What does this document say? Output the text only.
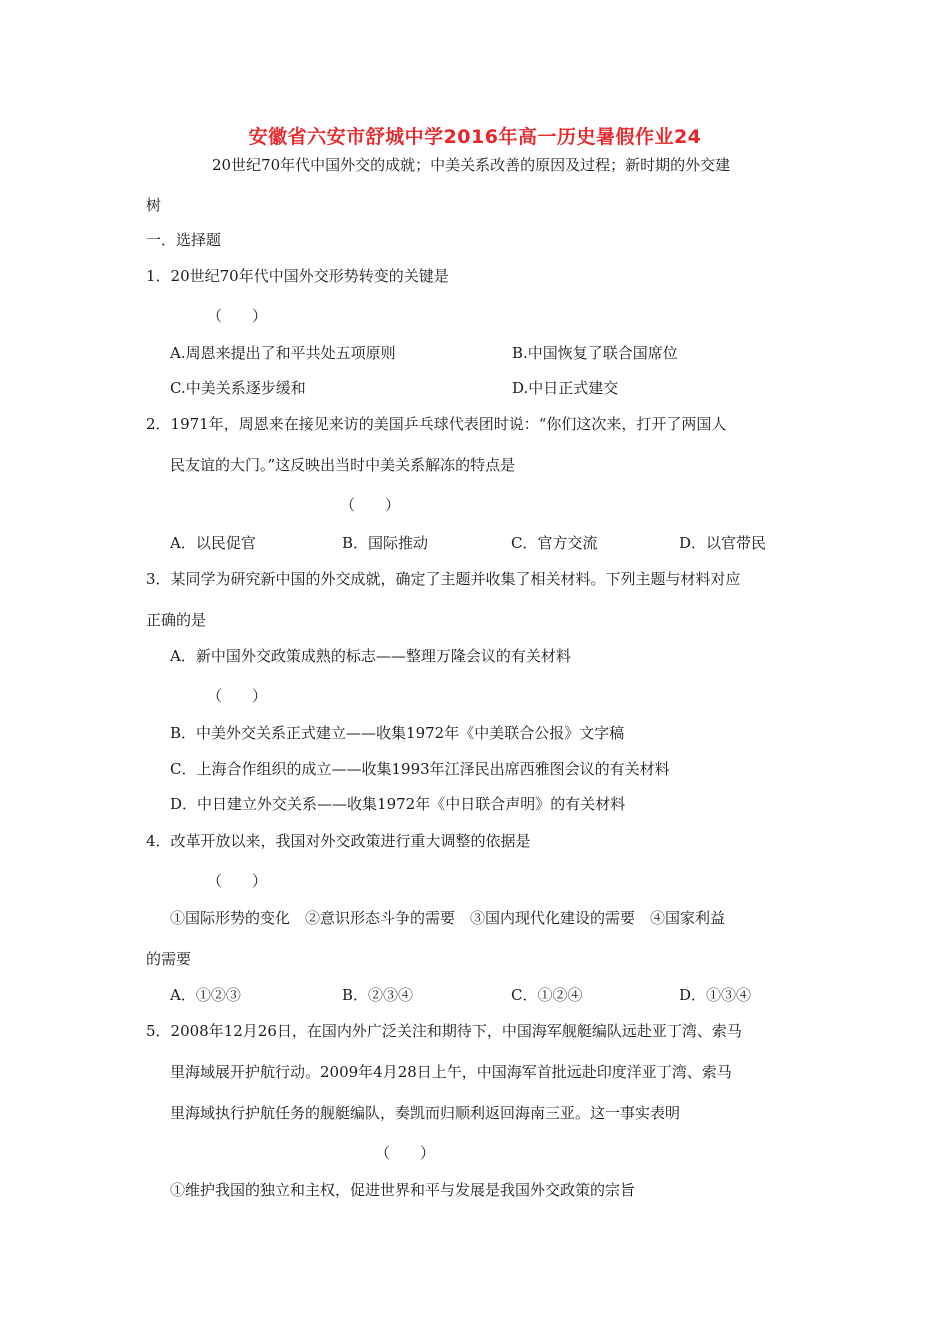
安徽省六安市舒城中学2016年高一历史暑假作业24
20世纪70年代中国外交的成就；中美关系改善的原因及过程；新时期的外交建
树
一．选择题
1．20世纪70年代中国外交形势转变的关键是
（　　）
A.周恩来提出了和平共处五项原则	B.中国恢复了联合国席位
C.中美关系逐步缓和	D.中日正式建交
2．1971年，周恩来在接见来访的美国乒乓球代表团时说：“你们这次来，打开了两国人
民友谊的大门。”这反映出当时中美关系解冻的特点是
（　　）
A．以民促官	B．国际推动	C．官方交流	D．以官带民
3．某同学为研究新中国的外交成就，确定了主题并收集了相关材料。下列主题与材料对应
正确的是
A．新中国外交政策成熟的标志——整理万隆会议的有关材料
（　　）
B．中美外交关系正式建立——收集1972年《中美联合公报》文字稿
C．上海合作组织的成立——收集1993年江泽民出席西雅图会议的有关材料
D．中日建立外交关系——收集1972年《中日联合声明》的有关材料
4．改革开放以来，我国对外交政策进行重大调整的依据是
（　　）
①国际形势的变化　②意识形态斗争的需要　③国内现代化建设的需要　④国家利益
的需要
A．①②③	B．②③④	C．①②④	D．①③④
5．2008年12月26日，在国内外广泛关注和期待下，中国海军舰艇编队远赴亚丁湾、索马
里海域展开护航行动。2009年4月28日上午，中国海军首批远赴印度洋亚丁湾、索马
里海域执行护航任务的舰艇编队，奏凯而归顺利返回海南三亚。这一事实表明
（　　）
①维护我国的独立和主权，促进世界和平与发展是我国外交政策的宗旨
